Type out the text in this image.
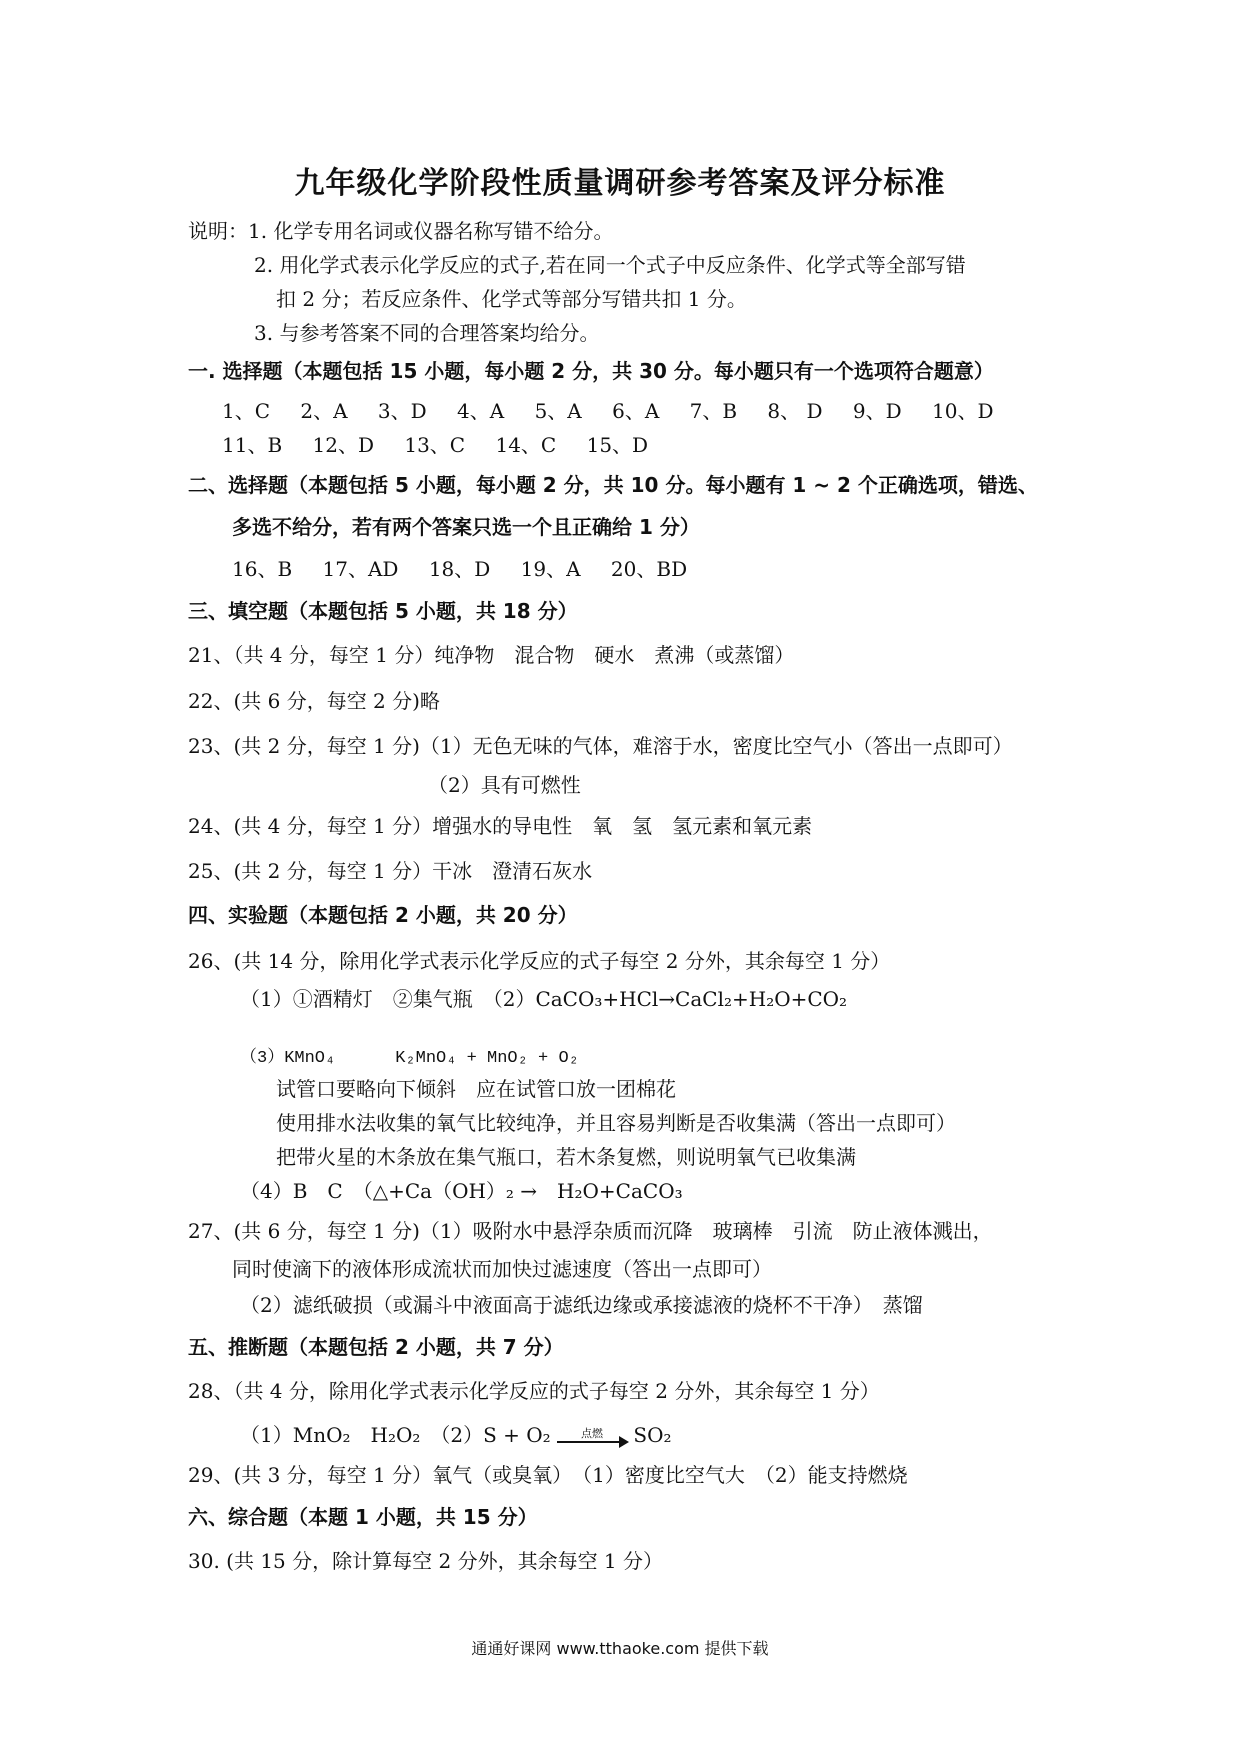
九年级化学阶段性质量调研参考答案及评分标准
说明：1. 化学专用名词或仪器名称写错不给分。
2. 用化学式表示化学反应的式子,若在同一个式子中反应条件、化学式等全部写错
扣 2 分；若反应条件、化学式等部分写错共扣 1 分。
3. 与参考答案不同的合理答案均给分。
一. 选择题（本题包括 15 小题，每小题 2 分，共 30 分。每小题只有一个选项符合题意）
1、C 2、A 3、D 4、A 5、A 6、A 7、B 8、 D 9、D 10、D
11、B 12、D 13、C 14、C 15、D
二、选择题（本题包括 5 小题，每小题 2 分，共 10 分。每小题有 1 ~ 2 个正确选项，错选、
多选不给分，若有两个答案只选一个且正确给 1 分）
16、B 17、AD 18、D 19、A 20、BD
三、填空题（本题包括 5 小题，共 18 分）
21、（共 4 分，每空 1 分）纯净物　混合物　硬水　煮沸（或蒸馏）
22、(共 6 分，每空 2 分)略
23、(共 2 分，每空 1 分)（1）无色无味的气体，难溶于水，密度比空气小（答出一点即可）
（2）具有可燃性
24、(共 4 分，每空 1 分）增强水的导电性　氧　氢　氢元素和氧元素
25、(共 2 分，每空 1 分）干冰　澄清石灰水
四、实验题（本题包括 2 小题，共 20 分）
26、(共 14 分，除用化学式表示化学反应的式子每空 2 分外，其余每空 1 分）
（1）①酒精灯　②集气瓶　（2）CaCO₃+HCl→CaCl₂+H₂O+CO₂
（3）KMnO₄	K₂MnO₄ + MnO₂ + O₂
试管口要略向下倾斜　应在试管口放一团棉花
使用排水法收集的氧气比较纯净，并且容易判断是否收集满（答出一点即可）
把带火星的木条放在集气瓶口，若木条复燃，则说明氧气已收集满
（4）B　C　（△+Ca（OH）₂ →　H₂O+CaCO₃
27、(共 6 分，每空 1 分)（1）吸附水中悬浮杂质而沉降　玻璃棒　引流　防止液体溅出，
同时使滴下的液体形成流状而加快过滤速度（答出一点即可）
（2）滤纸破损（或漏斗中液面高于滤纸边缘或承接滤液的烧杯不干净）　蒸馏
五、推断题（本题包括 2 小题，共 7 分）
28、（共 4 分，除用化学式表示化学反应的式子每空 2 分外，其余每空 1 分）
（1）MnO₂　H₂O₂　（2）S + O₂	点燃	SO₂
29、(共 3 分，每空 1 分）氧气（或臭氧）　（1）密度比空气大　（2）能支持燃烧
六、综合题（本题 1 小题，共 15 分）
30. (共 15 分，除计算每空 2 分外，其余每空 1 分）
通通好课网 www.tthaoke.com 提供下载
